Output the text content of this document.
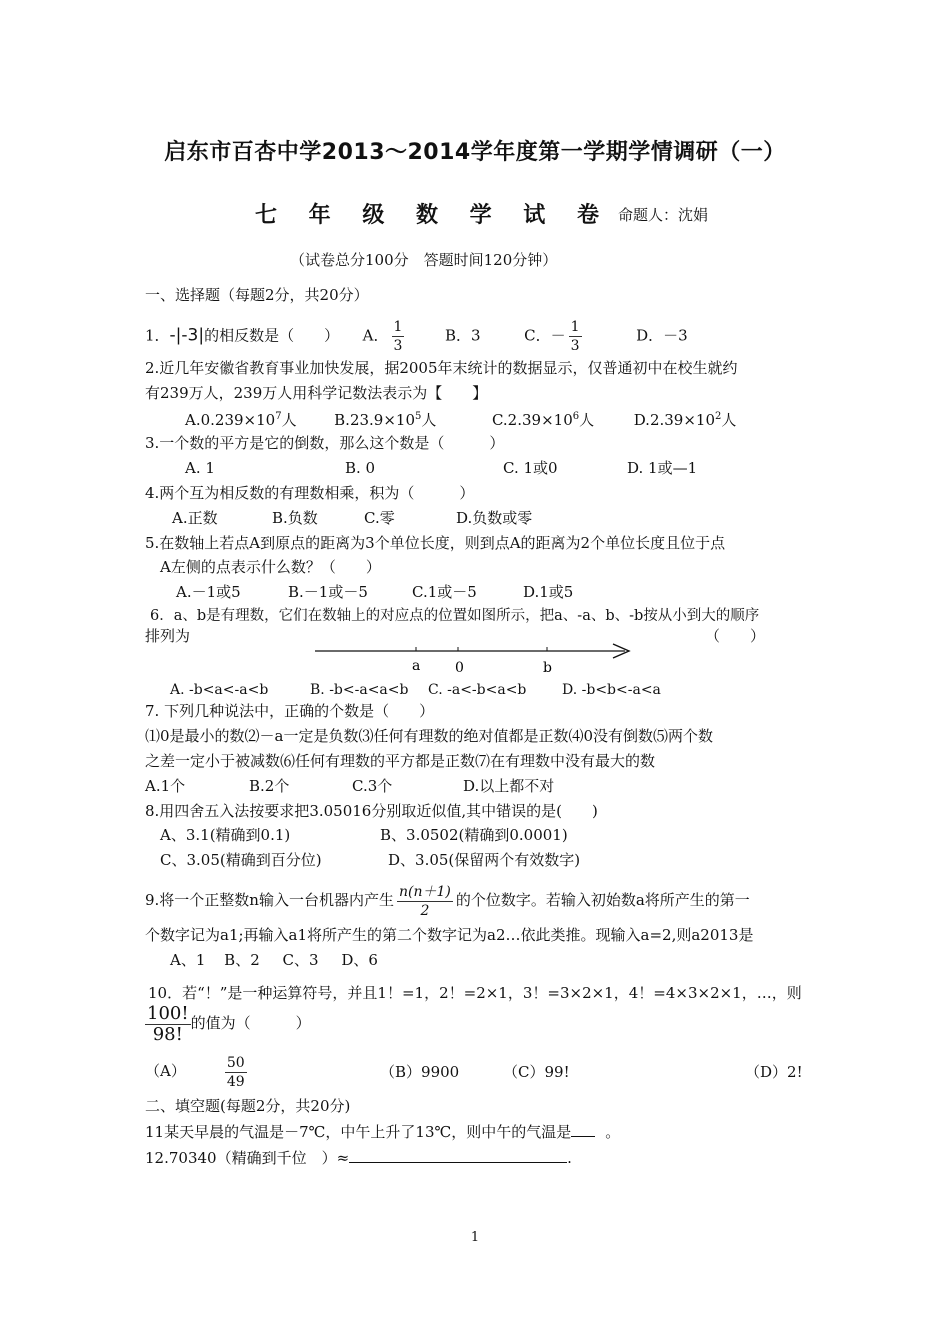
启东市百杏中学2013～2014学年度第一学期学情调研（一）
七 年 级 数 学 试 卷 命题人：沈娟
（试卷总分100分　答题时间120分钟）
一、选择题（每题2分，共20分）
1．-|-3|的相反数是（　　） A． $\frac{1}{3}$	B．3	C．－ $\frac{1}{3}$	D．－3
2.近几年安徽省教育事业加快发展，据2005年末统计的数据显示，仅普通初中在校生就约
有239万人，239万人用科学记数法表示为【　　】
$A.0.239\times 10^7$人	$B.23.9\times 10^5$人	$C.2.39\times 10^6$人	$D.2.39\times 10^2$人
3.一个数的平方是它的倒数，那么这个数是（　　　）
A. 1	B. 0	C. 1或0	D. 1或—1
4.两个互为相反数的有理数相乘，积为（　　　）
A.正数	B.负数	C.零	D.负数或零
5.在数轴上若点A到原点的距离为3个单位长度，则到点A的距离为2个单位长度且位于点
A左侧的点表示什么数？（　　）
A.－1或5	B.－1或－5	C.1或－5	D.1或5
6．a、b是有理数，它们在数轴上的对应点的位置如图所示，把a、-a、b、-b按从小到大的顺序
排列为	（　　）
a 0	b
A. -b<a<-a<b	B. -b<-a<a<b C. -a<-b<a<b	D. -b<b<-a<a
7. 下列几种说法中，正确的个数是（　　）
⑴0是最小的数⑵－a一定是负数⑶任何有理数的绝对值都是正数⑷0没有倒数⑸两个数
之差一定小于被减数⑹任何有理数的平方都是正数⑺在有理数中没有最大的数
A.1个	B.2个	C.3个	D.以上都不对
8.用四舍五入法按要求把3.05016分别取近似值,其中错误的是(　　)
A、3.1(精确到0.1)	B、3.0502(精确到0.0001)
C、3.05(精确到百分位)	D、3.05(保留两个有效数字)
9.将一个正整数n输入一台机器内产生 $\frac{n(n+1)}{2}$ 的个位数字。若输入初始数a将所产生的第一
个数字记为a1;再输入a1将所产生的第二个数字记为a2…依此类推。现输入a=2,则a2013是
A、1 B、2 C、3 D、6
10．若“！”是一种运算符号，并且1！=1，2！=2×1，3！=3×2×1，4！=4×3×2×1，…，则
$\frac{100!}{98!}$ 的值为（　　　）
（A）	$\frac{50}{49}$	（B）9900	（C）99!	（D）2!
二、填空题(每题2分，共20分)
11某天早晨的气温是－7℃，中午上升了13℃，则中午的气温是 。
12.70340（精确到千位　）≈	.
1
